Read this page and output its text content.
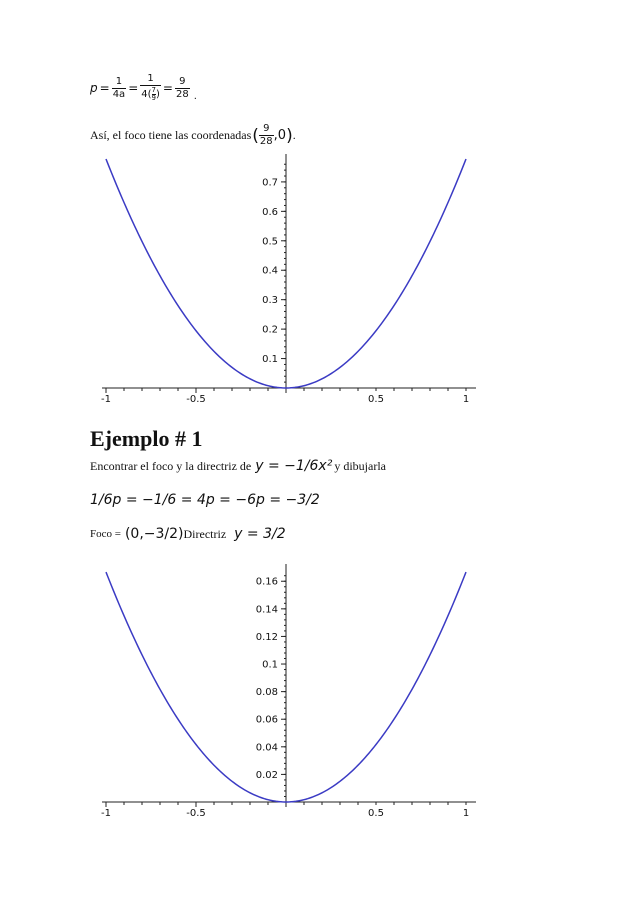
$p = \frac{1}{4a} = \frac{1}{4( \frac{7}{9} )} = \frac{9}{28}$ .
Así, el foco tiene las coordenadas ( $\frac{9}{28} ,0$ ) .
-1	-0.5	0.5	1
0.1
0.2
0.3
0.4
0.5
0.6
0.7
Ejemplo # 1
Encontrar el foco y la directriz de y = −1/6x² y dibujarla
1/6p = −1/6 = 4p = −6p = −3/2
Foco = (0,−3/2) Directriz y = 3/2
-1	-0.5	0.5	1
0.02
0.04
0.06
0.08
0.1
0.12
0.14
0.16
